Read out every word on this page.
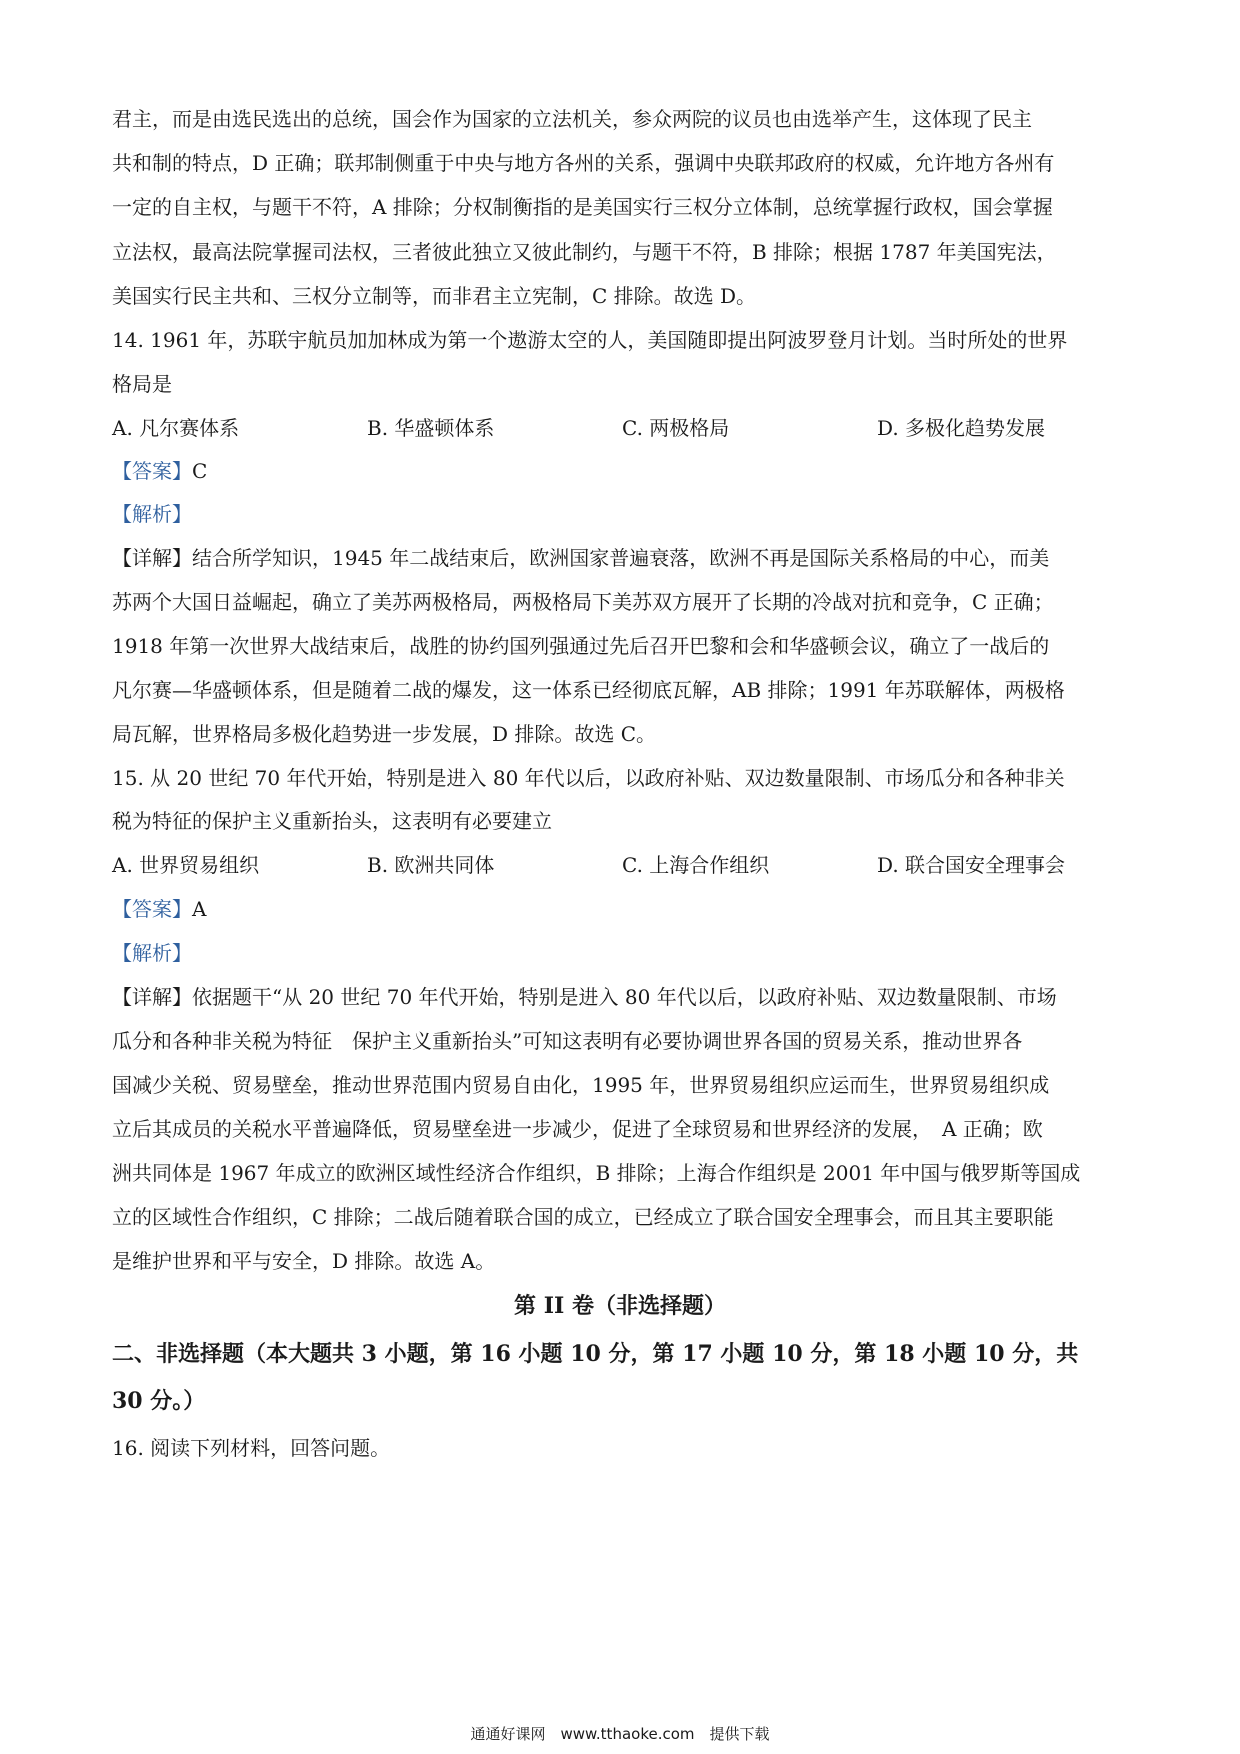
君主，而是由选民选出的总统，国会作为国家的立法机关，参众两院的议员也由选举产生，这体现了民主
共和制的特点，D 正确；联邦制侧重于中央与地方各州的关系，强调中央联邦政府的权威，允许地方各州有
一定的自主权，与题干不符，A 排除；分权制衡指的是美国实行三权分立体制，总统掌握行政权，国会掌握
立法权，最高法院掌握司法权，三者彼此独立又彼此制约，与题干不符，B 排除；根据 1787 年美国宪法，
美国实行民主共和、三权分立制等，而非君主立宪制，C 排除。故选 D。
14. 1961 年，苏联宇航员加加林成为第一个遨游太空的人，美国随即提出阿波罗登月计划。当时所处的世界
格局是
A. 凡尔赛体系	B. 华盛顿体系	C. 两极格局	D. 多极化趋势发展
【答案】C
【解析】
【详解】结合所学知识，1945 年二战结束后，欧洲国家普遍衰落，欧洲不再是国际关系格局的中心，而美
苏两个大国日益崛起，确立了美苏两极格局，两极格局下美苏双方展开了长期的冷战对抗和竞争，C 正确；
1918 年第一次世界大战结束后，战胜的协约国列强通过先后召开巴黎和会和华盛顿会议，确立了一战后的
凡尔赛—华盛顿体系，但是随着二战的爆发，这一体系已经彻底瓦解，AB 排除；1991 年苏联解体，两极格
局瓦解，世界格局多极化趋势进一步发展，D 排除。故选 C。
15. 从 20 世纪 70 年代开始，特别是进入 80 年代以后，以政府补贴、双边数量限制、市场瓜分和各种非关
税为特征的保护主义重新抬头，这表明有必要建立
A. 世界贸易组织	B. 欧洲共同体	C. 上海合作组织	D. 联合国安全理事会
【答案】A
【解析】
【详解】依据题干“从 20 世纪 70 年代开始，特别是进入 80 年代以后，以政府补贴、双边数量限制、市场
瓜分和各种非关税为特征　保护主义重新抬头”可知这表明有必要协调世界各国的贸易关系，推动世界各
国减少关税、贸易壁垒，推动世界范围内贸易自由化，1995 年，世界贸易组织应运而生，世界贸易组织成
立后其成员的关税水平普遍降低，贸易壁垒进一步减少，促进了全球贸易和世界经济的发展，　A 正确；欧
洲共同体是 1967 年成立的欧洲区域性经济合作组织，B 排除；上海合作组织是 2001 年中国与俄罗斯等国成
立的区域性合作组织，C 排除；二战后随着联合国的成立，已经成立了联合国安全理事会，而且其主要职能
是维护世界和平与安全，D 排除。故选 A。
第 II 卷（非选择题）
二、非选择题（本大题共 3 小题，第 16 小题 10 分，第 17 小题 10 分，第 18 小题 10 分，共
30 分。）
16. 阅读下列材料，回答问题。
通通好课网　www.tthaoke.com　提供下载
